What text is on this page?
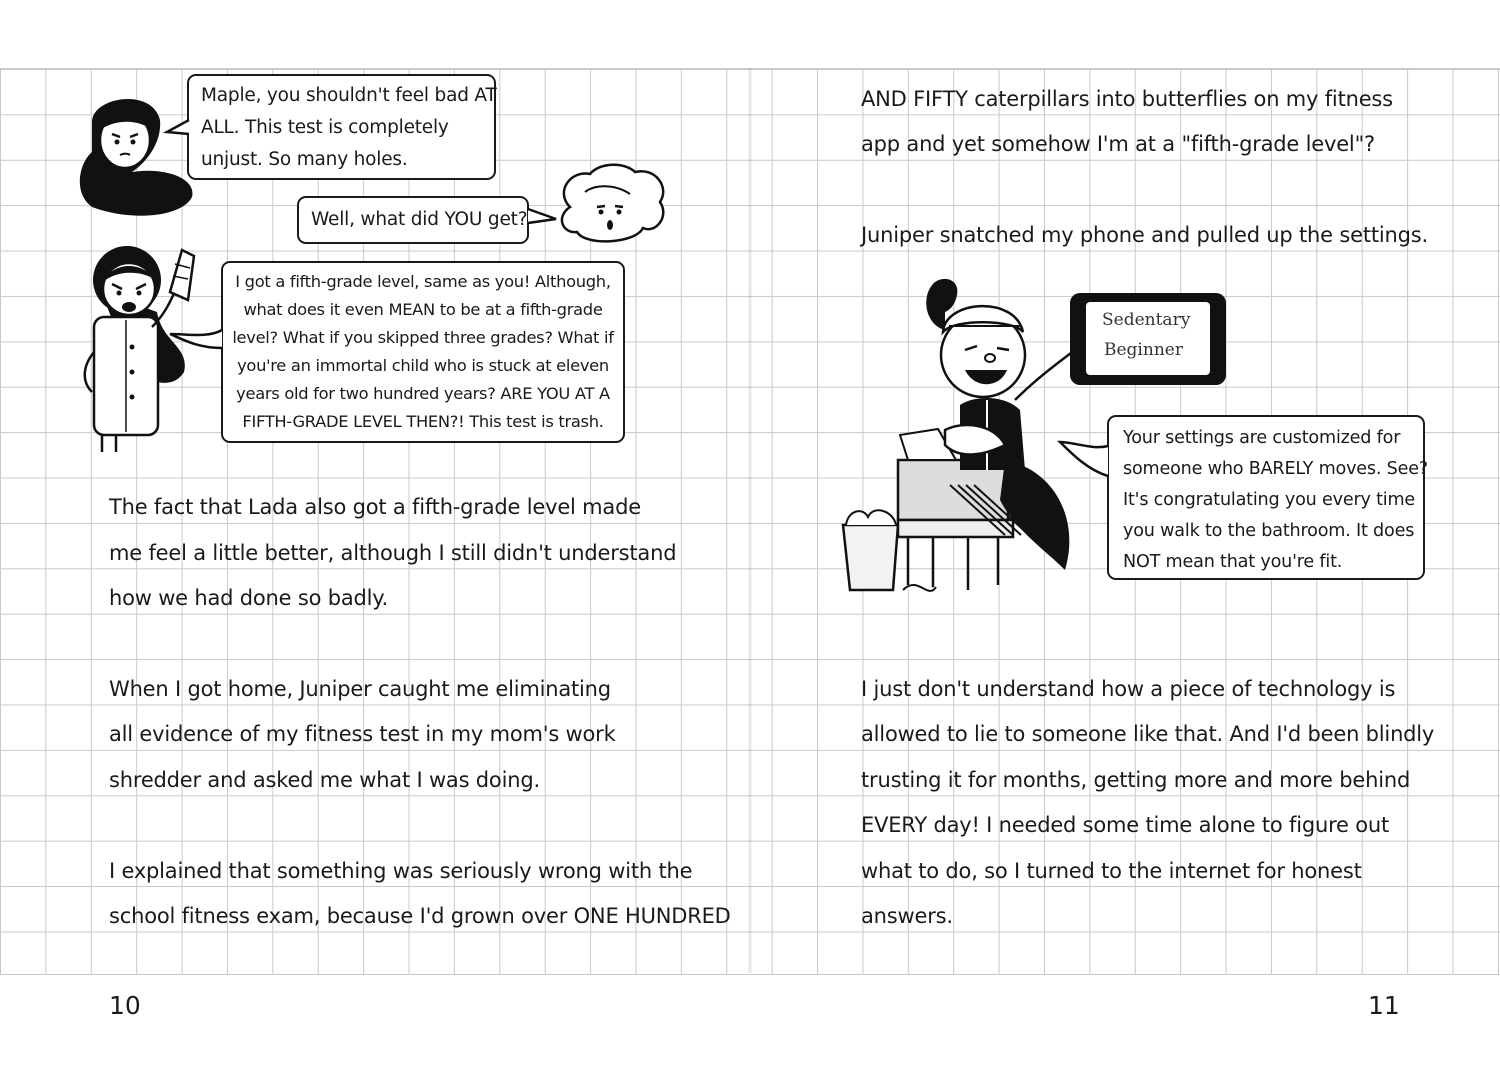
Maple, you shouldn't feel bad AT
ALL. This test is completely
unjust. So many holes.
Well, what did YOU get?
I got a fifth-grade level, same as you! Although,
what does it even MEAN to be at a fifth-grade
level? What if you skipped three grades? What if
you're an immortal child who is stuck at eleven
years old for two hundred years? ARE YOU AT A
FIFTH-GRADE LEVEL THEN?! This test is trash.
The fact that Lada also got a fifth-grade level made
me feel a little better, although I still didn't understand
how we had done so badly.
When I got home, Juniper caught me eliminating
all evidence of my fitness test in my mom's work
shredder and asked me what I was doing.
I explained that something was seriously wrong with the
school fitness exam, because I'd grown over ONE HUNDRED
10
AND FIFTY caterpillars into butterflies on my fitness
app and yet somehow I'm at a "fifth-grade level"?
Juniper snatched my phone and pulled up the settings.
Sedentary
Beginner
Your settings are customized for
someone who BARELY moves. See?
It's congratulating you every time
you walk to the bathroom. It does
NOT mean that you're fit.
I just don't understand how a piece of technology is
allowed to lie to someone like that. And I'd been blindly
trusting it for months, getting more and more behind
EVERY day! I needed some time alone to figure out
what to do, so I turned to the internet for honest
answers.
11
